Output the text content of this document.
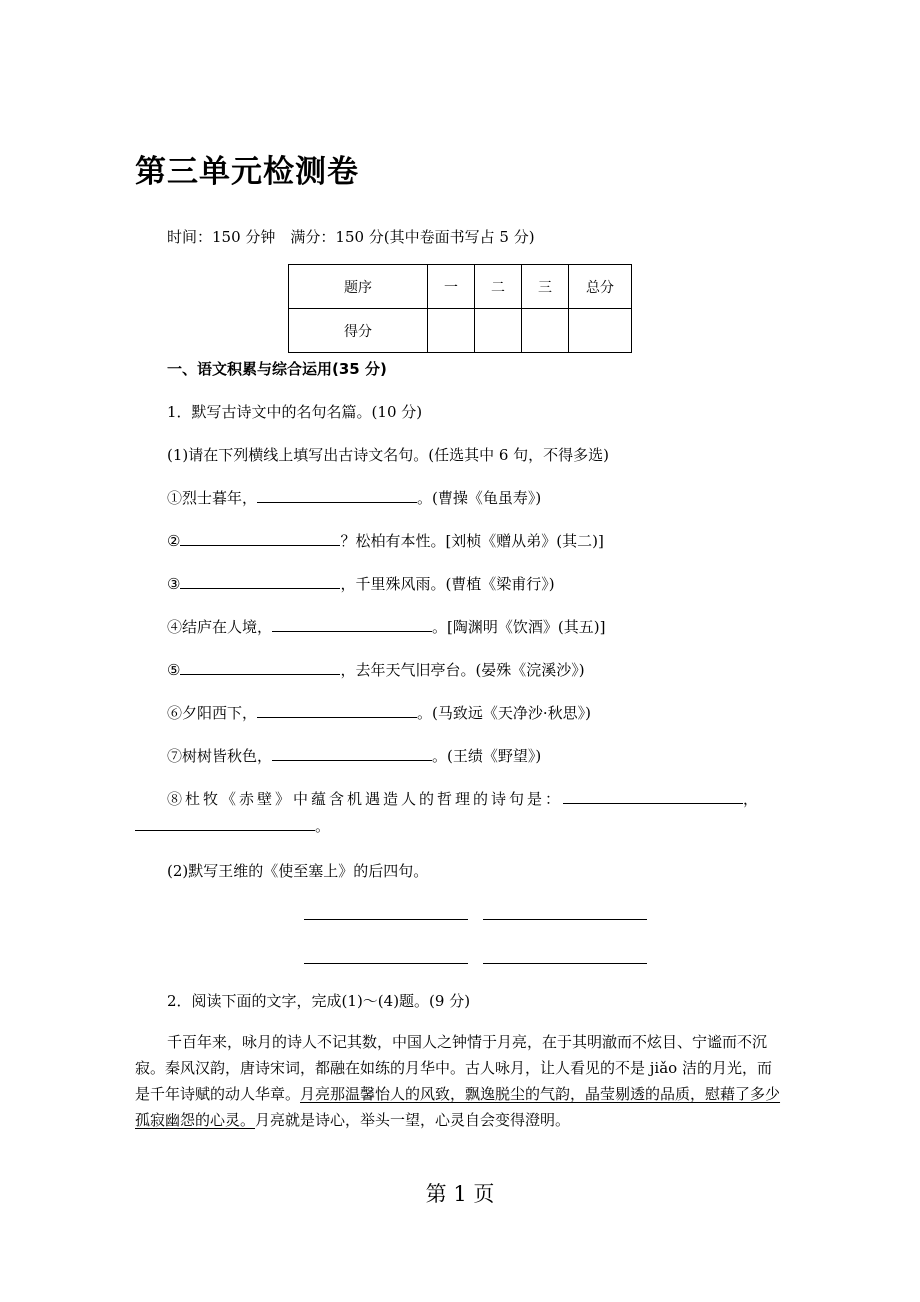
第三单元检测卷
时间：150 分钟　满分：150 分(其中卷面书写占 5 分)
题序	一	二	三	总分
得分				
一、语文积累与综合运用(35 分)
1．默写古诗文中的名句名篇。(10 分)
(1)请在下列横线上填写出古诗文名句。(任选其中 6 句，不得多选)
①烈士暮年，	。(曹操《龟虽寿》)
②	？松柏有本性。[刘桢《赠从弟》(其二)]
③	，千里殊风雨。(曹植《梁甫行》)
④结庐在人境，	。[陶渊明《饮酒》(其五)]
⑤	，去年天气旧亭台。(晏殊《浣溪沙》)
⑥夕阳西下，	。(马致远《天净沙·秋思》)
⑦树树皆秋色，	。(王绩《野望》)
⑧杜牧《赤壁》中蕴含机遇造人的哲理的诗句是：	，
。
(2)默写王维的《使至塞上》的后四句。
2．阅读下面的文字，完成(1)～(4)题。(9 分)
千百年来，咏月的诗人不记其数，中国人之钟情于月亮，在于其明澈而不炫目、宁谧而不沉寂。秦风汉韵，唐诗宋词，都融在如练的月华中。古人咏月，让人看见的不是 jiǎo 洁的月光，而是千年诗赋的动人华章。月亮那温馨怡人的风致，飘逸脱尘的气韵，晶莹剔透的品质，慰藉了多少孤寂幽怨的心灵。月亮就是诗心，举头一望，心灵自会变得澄明。
第 1 页
